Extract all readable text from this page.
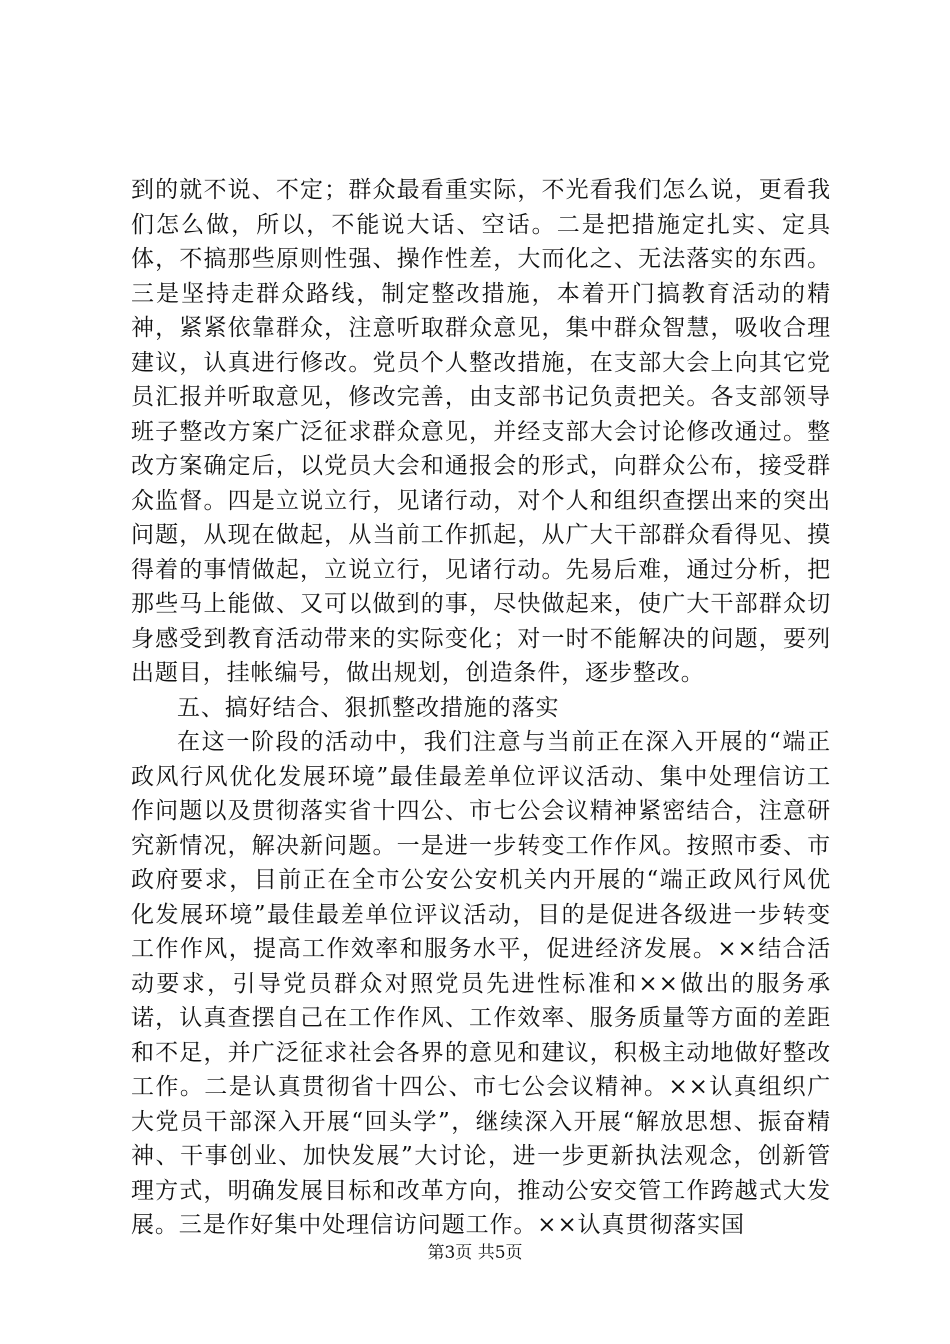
到的就不说、不定；群众最看重实际，不光看我们怎么说，更看我们怎么做，所以，不能说大话、空话。二是把措施定扎实、定具体，不搞那些原则性强、操作性差，大而化之、无法落实的东西。三是坚持走群众路线，制定整改措施，本着开门搞教育活动的精神，紧紧依靠群众，注意听取群众意见，集中群众智慧，吸收合理建议，认真进行修改。党员个人整改措施，在支部大会上向其它党员汇报并听取意见，修改完善，由支部书记负责把关。各支部领导班子整改方案广泛征求群众意见，并经支部大会讨论修改通过。整改方案确定后，以党员大会和通报会的形式，向群众公布，接受群众监督。四是立说立行，见诸行动，对个人和组织查摆出来的突出问题，从现在做起，从当前工作抓起，从广大干部群众看得见、摸得着的事情做起，立说立行，见诸行动。先易后难，通过分析，把那些马上能做、又可以做到的事，尽快做起来，使广大干部群众切身感受到教育活动带来的实际变化；对一时不能解决的问题，要列出题目，挂帐编号，做出规划，创造条件，逐步整改。

五、搞好结合、狠抓整改措施的落实

在这一阶段的活动中，我们注意与当前正在深入开展的“端正政风行风优化发展环境”最佳最差单位评议活动、集中处理信访工作问题以及贯彻落实省十四公、市七公会议精神紧密结合，注意研究新情况，解决新问题。一是进一步转变工作作风。按照市委、市政府要求，目前正在全市公安公安机关内开展的“端正政风行风优化发展环境”最佳最差单位评议活动，目的是促进各级进一步转变工作作风，提高工作效率和服务水平，促进经济发展。××结合活动要求，引导党员群众对照党员先进性标准和××做出的服务承诺，认真查摆自己在工作作风、工作效率、服务质量等方面的差距和不足，并广泛征求社会各界的意见和建议，积极主动地做好整改工作。二是认真贯彻省十四公、市七公会议精神。××认真组织广大党员干部深入开展“回头学”，继续深入开展“解放思想、振奋精神、干事创业、加快发展”大讨论，进一步更新执法观念，创新管理方式，明确发展目标和改革方向，推动公安交管工作跨越式大发展。三是作好集中处理信访问题工作。××认真贯彻落实国

第3页 共5页
